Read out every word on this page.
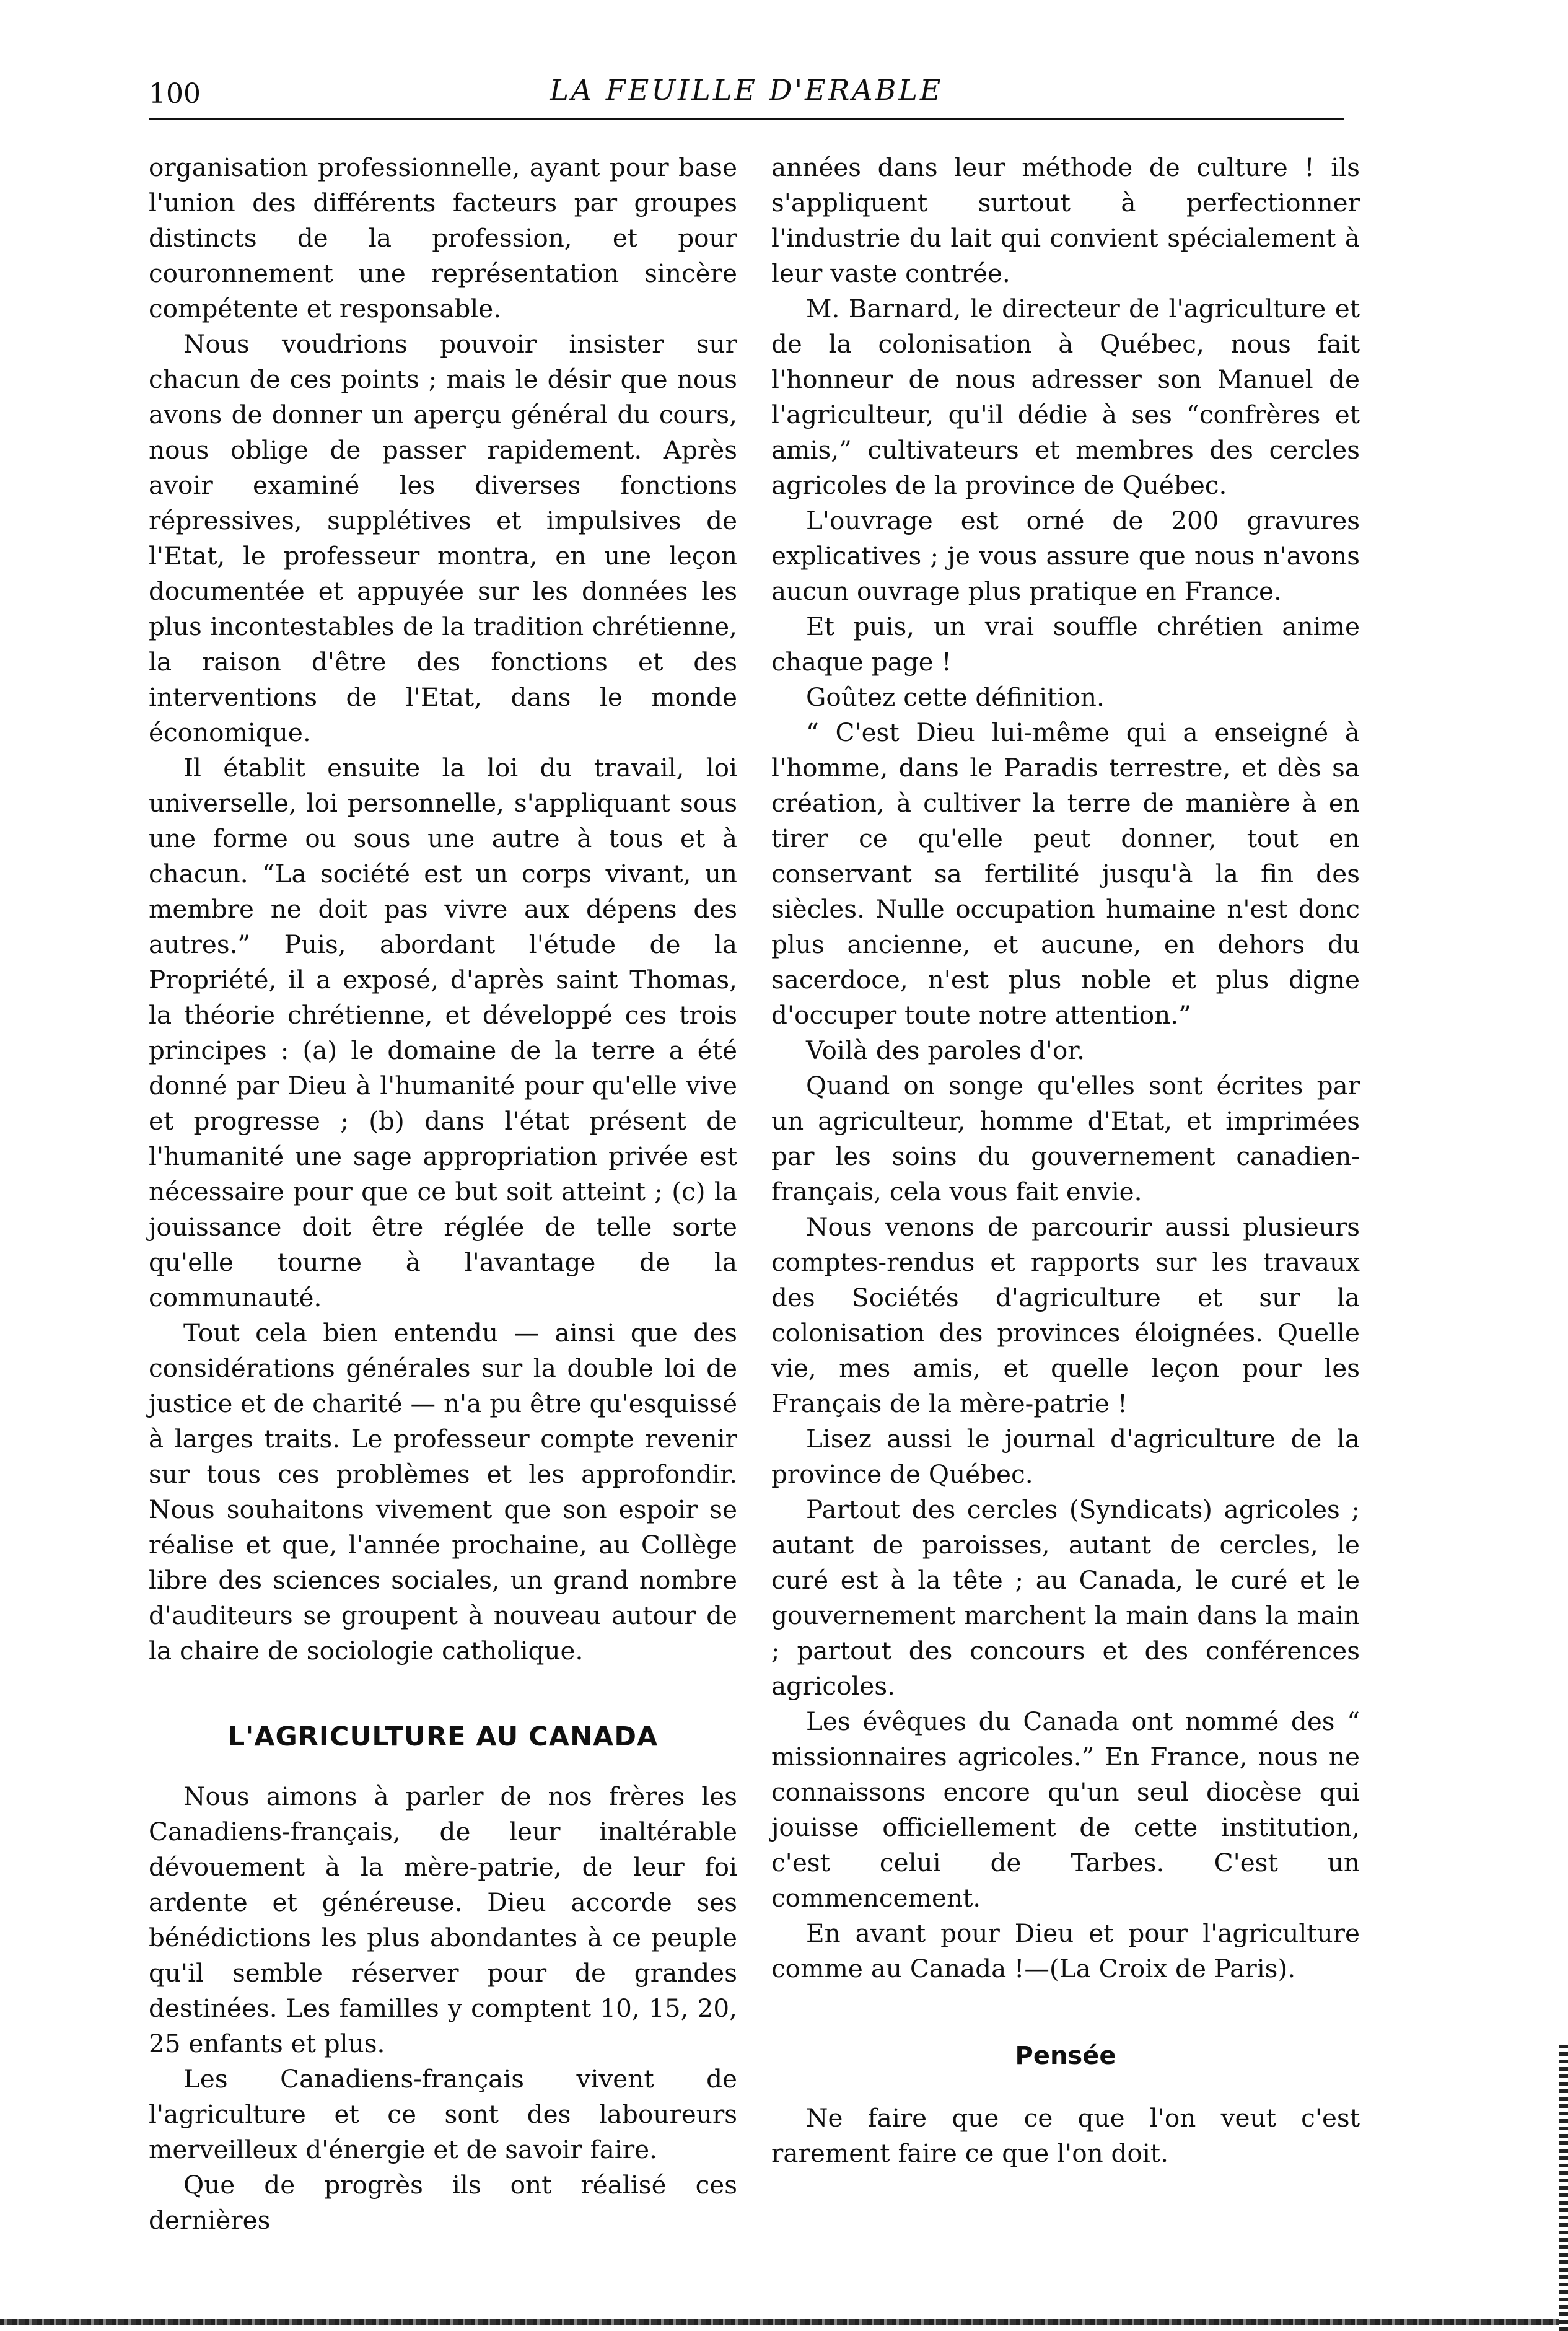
100	LA FEUILLE D'ERABLE

organisation professionnelle, ayant pour base l'union des différents facteurs par groupes distincts de la profession, et pour couronnement une représentation sincère compétente et responsable.

Nous voudrions pouvoir insister sur chacun de ces points ; mais le désir que nous avons de donner un aperçu général du cours, nous oblige de passer rapidement. Après avoir examiné les diverses fonctions répressives, supplétives et impulsives de l'Etat, le professeur montra, en une leçon documentée et appuyée sur les données les plus incontestables de la tradition chrétienne, la raison d'être des fonctions et des interventions de l'Etat, dans le monde économique.

Il établit ensuite la loi du travail, loi universelle, loi personnelle, s'appliquant sous une forme ou sous une autre à tous et à chacun. “La société est un corps vivant, un membre ne doit pas vivre aux dépens des autres.” Puis, abordant l'étude de la Propriété, il a exposé, d'après saint Thomas, la théorie chrétienne, et développé ces trois principes : (a) le domaine de la terre a été donné par Dieu à l'humanité pour qu'elle vive et progresse ; (b) dans l'état présent de l'humanité une sage appropriation privée est nécessaire pour que ce but soit atteint ; (c) la jouissance doit être réglée de telle sorte qu'elle tourne à l'avantage de la communauté.

Tout cela bien entendu — ainsi que des considérations générales sur la double loi de justice et de charité — n'a pu être qu'esquissé à larges traits. Le professeur compte revenir sur tous ces problèmes et les approfondir. Nous souhaitons vivement que son espoir se réalise et que, l'année prochaine, au Collège libre des sciences sociales, un grand nombre d'auditeurs se groupent à nouveau autour de la chaire de sociologie catholique.

L'AGRICULTURE AU CANADA

Nous aimons à parler de nos frères les Canadiens-français, de leur inaltérable dévouement à la mère-patrie, de leur foi ardente et généreuse. Dieu accorde ses bénédictions les plus abondantes à ce peuple qu'il semble réserver pour de grandes destinées. Les familles y comptent 10, 15, 20, 25 enfants et plus.

Les Canadiens-français vivent de l'agriculture et ce sont des laboureurs merveilleux d'énergie et de savoir faire.

Que de progrès ils ont réalisé ces dernières

années dans leur méthode de culture ! ils s'appliquent surtout à perfectionner l'industrie du lait qui convient spécialement à leur vaste contrée.

M. Barnard, le directeur de l'agriculture et de la colonisation à Québec, nous fait l'honneur de nous adresser son Manuel de l'agriculteur, qu'il dédie à ses “confrères et amis,” cultivateurs et membres des cercles agricoles de la province de Québec.

L'ouvrage est orné de 200 gravures explicatives ; je vous assure que nous n'avons aucun ouvrage plus pratique en France.

Et puis, un vrai souffle chrétien anime chaque page !

Goûtez cette définition.

“ C'est Dieu lui-même qui a enseigné à l'homme, dans le Paradis terrestre, et dès sa création, à cultiver la terre de manière à en tirer ce qu'elle peut donner, tout en conservant sa fertilité jusqu'à la fin des siècles. Nulle occupation humaine n'est donc plus ancienne, et aucune, en dehors du sacerdoce, n'est plus noble et plus digne d'occuper toute notre attention.”

Voilà des paroles d'or.

Quand on songe qu'elles sont écrites par un agriculteur, homme d'Etat, et imprimées par les soins du gouvernement canadien-français, cela vous fait envie.

Nous venons de parcourir aussi plusieurs comptes-rendus et rapports sur les travaux des Sociétés d'agriculture et sur la colonisation des provinces éloignées. Quelle vie, mes amis, et quelle leçon pour les Français de la mère-patrie !

Lisez aussi le journal d'agriculture de la province de Québec.

Partout des cercles (Syndicats) agricoles ; autant de paroisses, autant de cercles, le curé est à la tête ; au Canada, le curé et le gouvernement marchent la main dans la main ; partout des concours et des conférences agricoles.

Les évêques du Canada ont nommé des “ missionnaires agricoles.” En France, nous ne connaissons encore qu'un seul diocèse qui jouisse officiellement de cette institution, c'est celui de Tarbes. C'est un commencement.

En avant pour Dieu et pour l'agriculture comme au Canada !—(La Croix de Paris).

Pensée

Ne faire que ce que l'on veut c'est rarement faire ce que l'on doit.
